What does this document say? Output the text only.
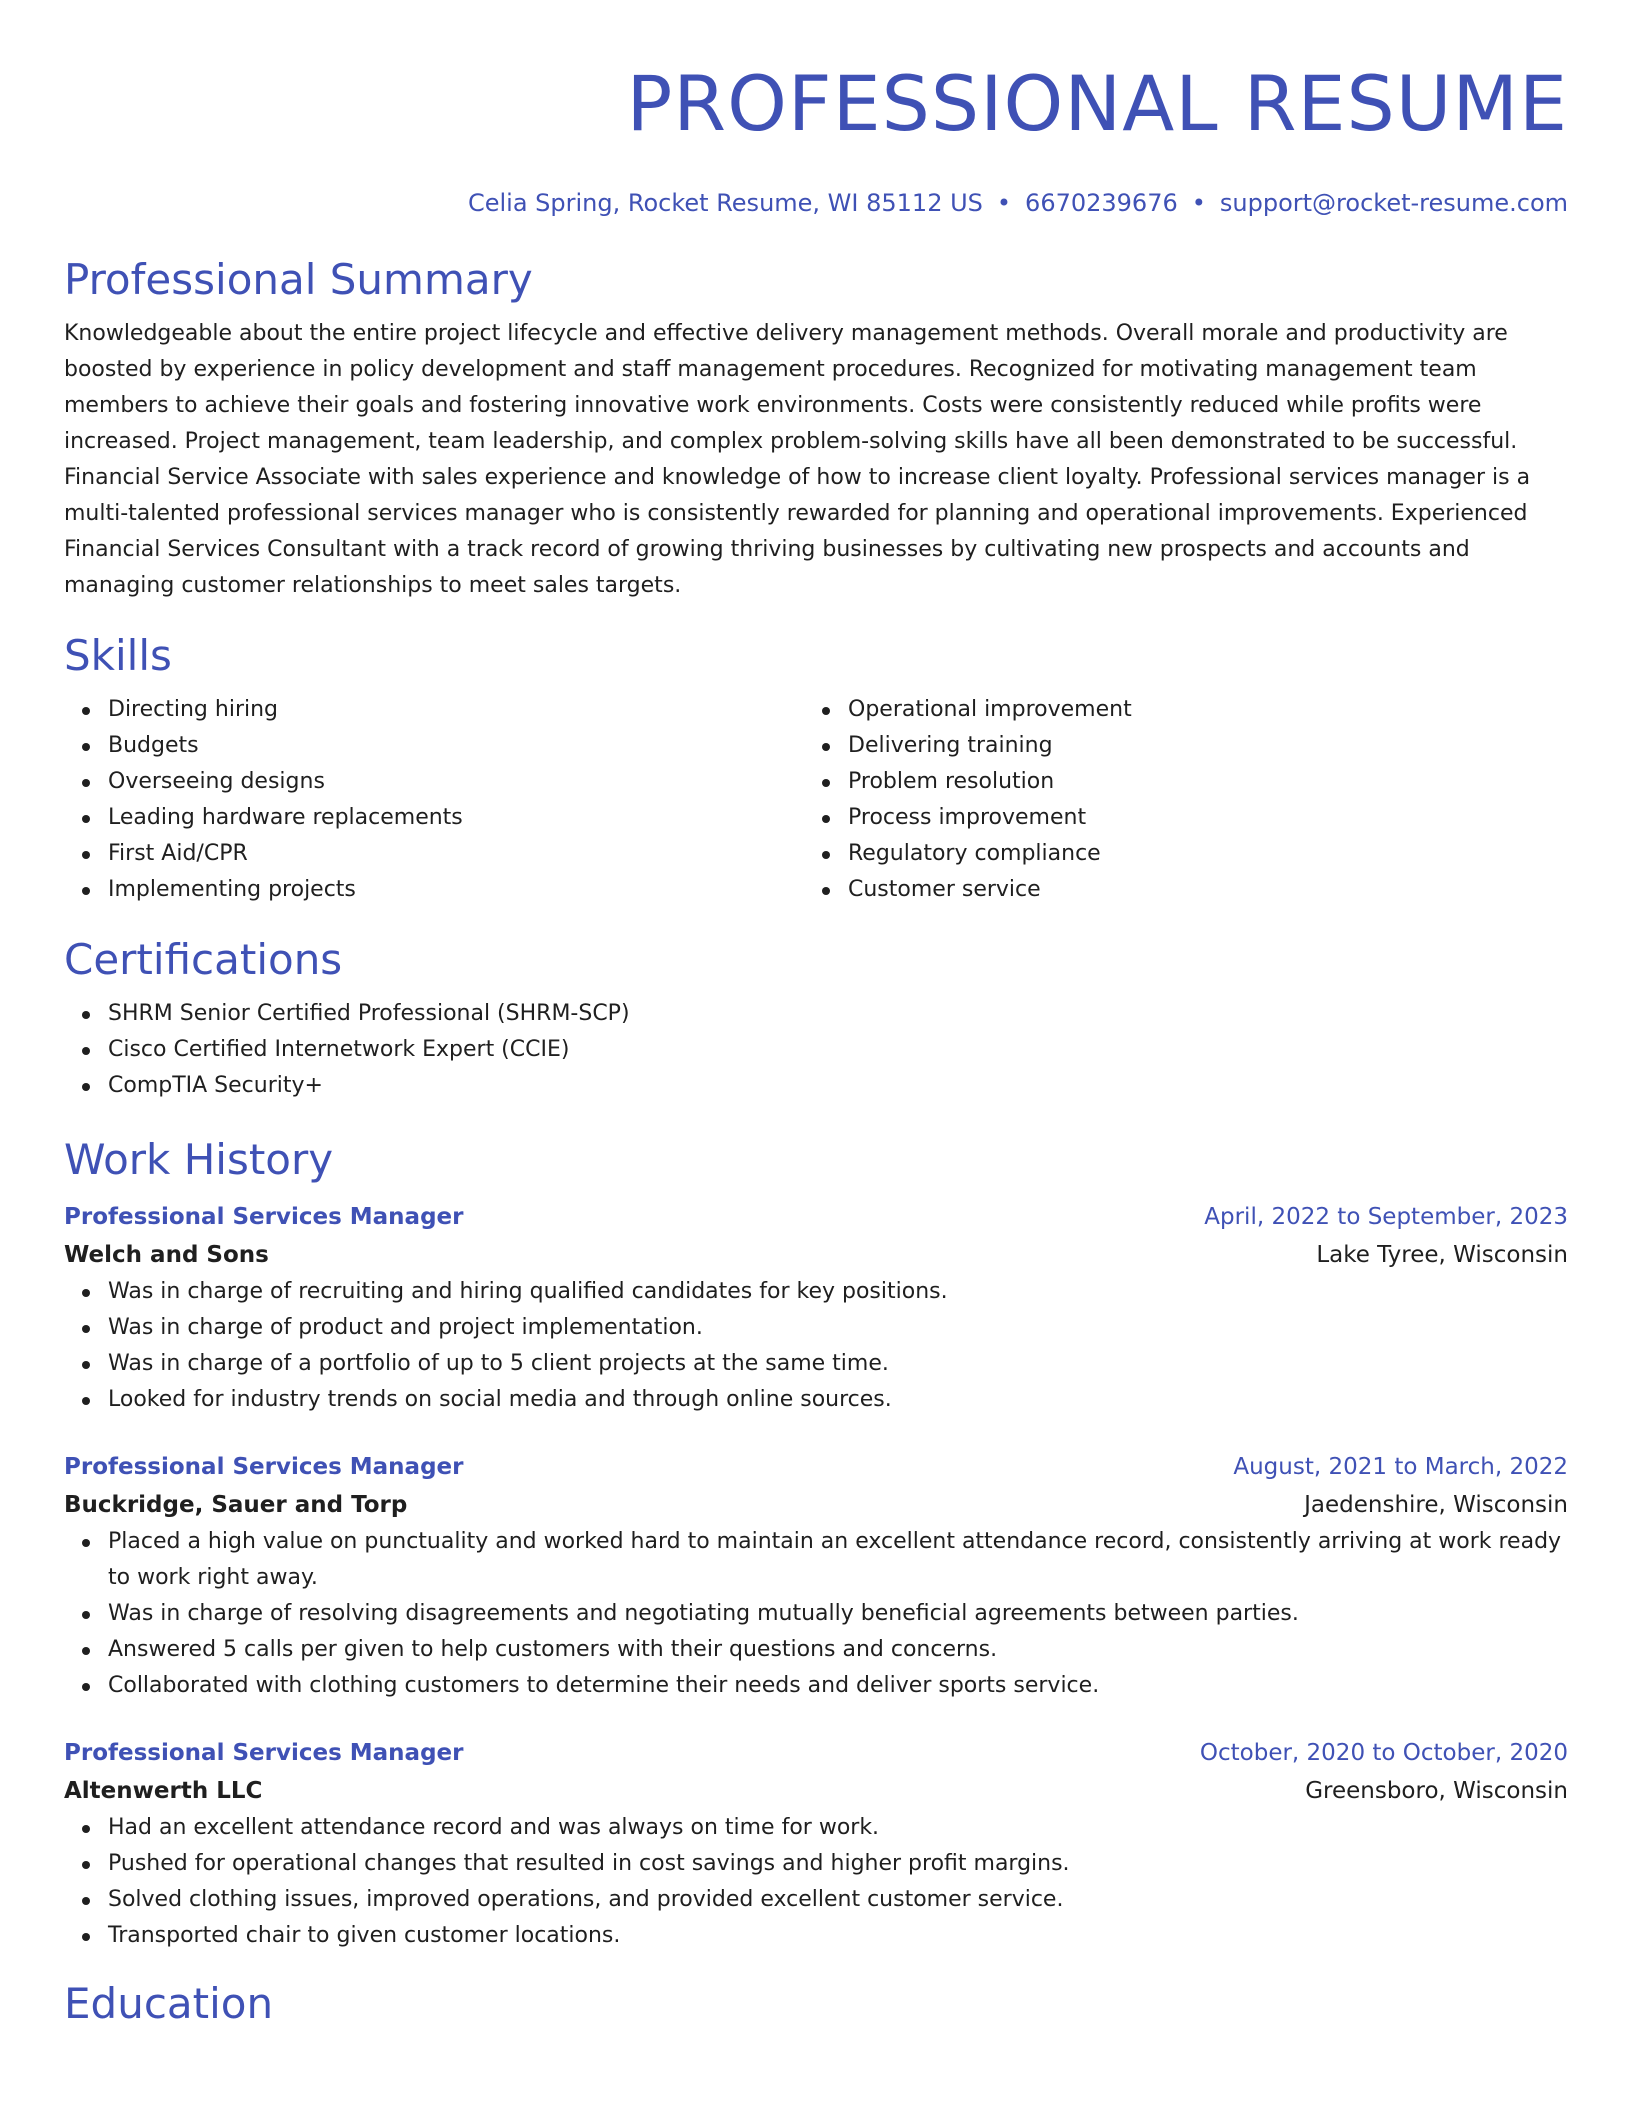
PROFESSIONAL RESUME
Celia Spring, Rocket Resume, WI 85112 US • 6670239676 • support@rocket-resume.com
Professional Summary

Knowledgeable about the entire project lifecycle and effective delivery management methods. Overall morale and productivity are boosted by experience in policy development and staff management procedures. Recognized for motivating management team members to achieve their goals and fostering innovative work environments. Costs were consistently reduced while profits were increased. Project management, team leadership, and complex problem-solving skills have all been demonstrated to be successful. Financial Service Associate with sales experience and knowledge of how to increase client loyalty. Professional services manager is a multi-talented professional services manager who is consistently rewarded for planning and operational improvements. Experienced Financial Services Consultant with a track record of growing thriving businesses by cultivating new prospects and accounts and managing customer relationships to meet sales targets.

Skills
Directing hiring
Budgets
Overseeing designs
Leading hardware replacements
First Aid/CPR
Implementing projects
Operational improvement
Delivering training
Problem resolution
Process improvement
Regulatory compliance
Customer service
Certifications
SHRM Senior Certified Professional (SHRM-SCP)
Cisco Certified Internetwork Expert (CCIE)
CompTIA Security+
Work History
Professional Services Manager	April, 2022 to September, 2023
Welch and Sons	Lake Tyree, Wisconsin
Was in charge of recruiting and hiring qualified candidates for key positions.
Was in charge of product and project implementation.
Was in charge of a portfolio of up to 5 client projects at the same time.
Looked for industry trends on social media and through online sources.
Professional Services Manager	August, 2021 to March, 2022
Buckridge, Sauer and Torp	Jaedenshire, Wisconsin
Placed a high value on punctuality and worked hard to maintain an excellent attendance record, consistently arriving at work ready to work right away.
Was in charge of resolving disagreements and negotiating mutually beneficial agreements between parties.
Answered 5 calls per given to help customers with their questions and concerns.
Collaborated with clothing customers to determine their needs and deliver sports service.
Professional Services Manager	October, 2020 to October, 2020
Altenwerth LLC	Greensboro, Wisconsin
Had an excellent attendance record and was always on time for work.
Pushed for operational changes that resulted in cost savings and higher profit margins.
Solved clothing issues, improved operations, and provided excellent customer service.
Transported chair to given customer locations.
Education
